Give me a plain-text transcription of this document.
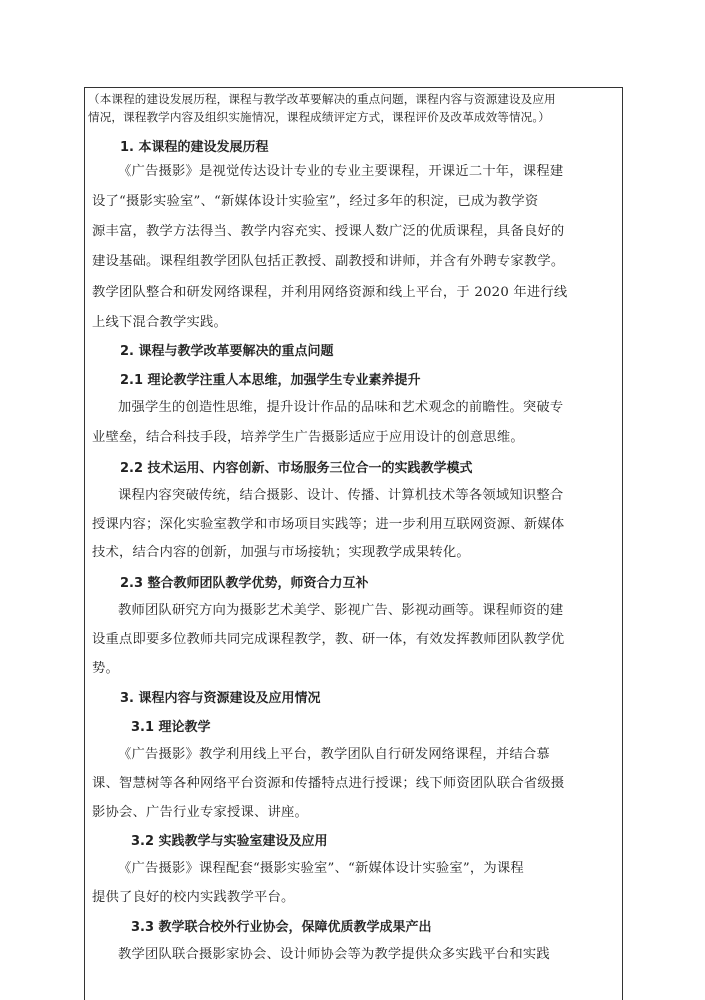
（本课程的建设发展历程，课程与教学改革要解决的重点问题，课程内容与资源建设及应用
情况，课程教学内容及组织实施情况，课程成绩评定方式，课程评价及改革成效等情况。）
1. 本课程的建设发展历程
《广告摄影》是视觉传达设计专业的专业主要课程，开课近二十年，课程建
设了“摄影实验室”、“新媒体设计实验室”，经过多年的积淀，已成为教学资
源丰富，教学方法得当、教学内容充实、授课人数广泛的优质课程，具备良好的
建设基础。课程组教学团队包括正教授、副教授和讲师，并含有外聘专家教学。
教学团队整合和研发网络课程，并利用网络资源和线上平台，于 2020 年进行线
上线下混合教学实践。
2. 课程与教学改革要解决的重点问题
2.1 理论教学注重人本思维，加强学生专业素养提升
加强学生的创造性思维，提升设计作品的品味和艺术观念的前瞻性。突破专
业壁垒，结合科技手段，培养学生广告摄影适应于应用设计的创意思维。
2.2 技术运用、内容创新、市场服务三位合一的实践教学模式
课程内容突破传统，结合摄影、设计、传播、计算机技术等各领域知识整合
授课内容；深化实验室教学和市场项目实践等；进一步利用互联网资源、新媒体
技术，结合内容的创新，加强与市场接轨；实现教学成果转化。
2.3 整合教师团队教学优势，师资合力互补
教师团队研究方向为摄影艺术美学、影视广告、影视动画等。课程师资的建
设重点即要多位教师共同完成课程教学，教、研一体，有效发挥教师团队教学优
势。
3. 课程内容与资源建设及应用情况
3.1 理论教学
《广告摄影》教学利用线上平台，教学团队自行研发网络课程，并结合慕
课、智慧树等各种网络平台资源和传播特点进行授课；线下师资团队联合省级摄
影协会、广告行业专家授课、讲座。
3.2 实践教学与实验室建设及应用
《广告摄影》课程配套“摄影实验室”、“新媒体设计实验室”，为课程
提供了良好的校内实践教学平台。
3.3 教学联合校外行业协会，保障优质教学成果产出
教学团队联合摄影家协会、设计师协会等为教学提供众多实践平台和实践
